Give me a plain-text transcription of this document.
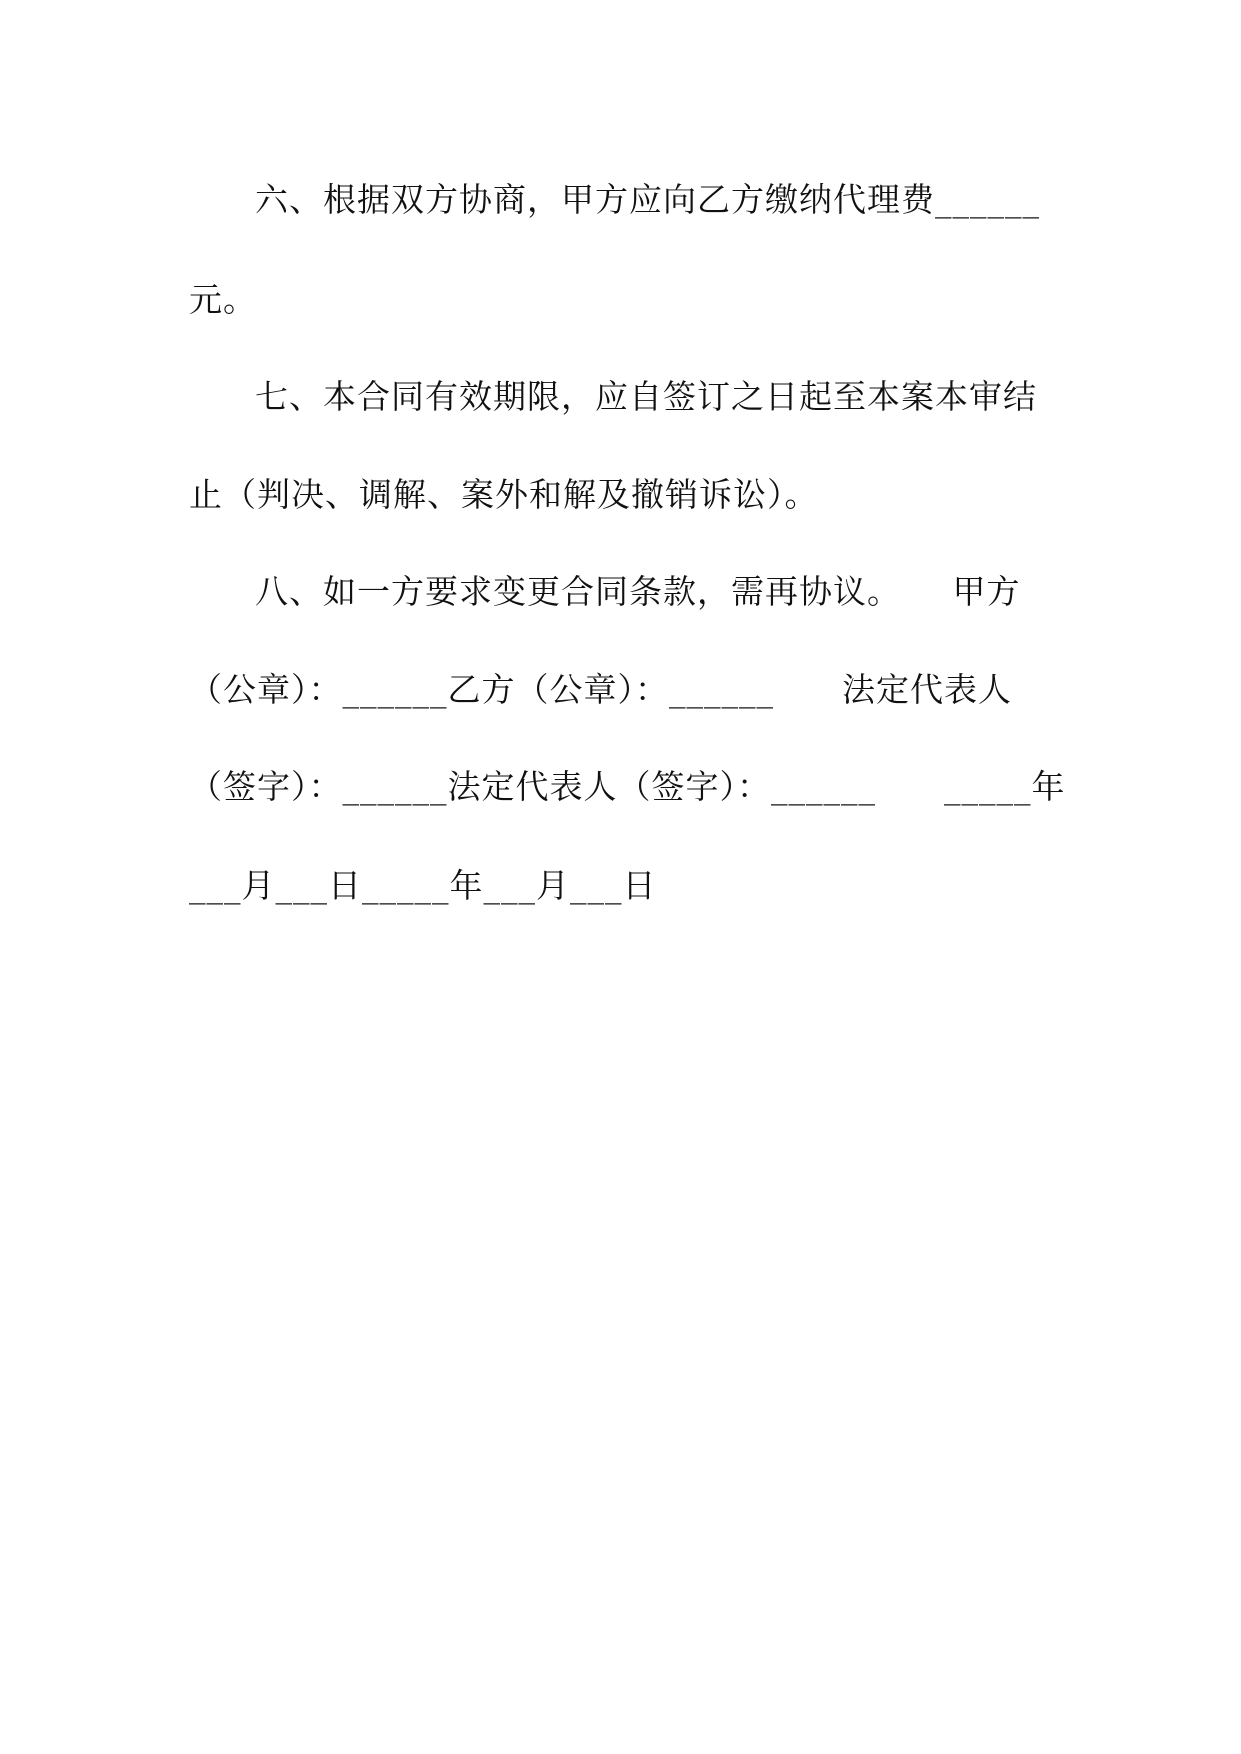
六、根据双方协商，甲方应向乙方缴纳代理费______
元。
七、本合同有效期限，应自签订之日起至本案本审结
止（判决、调解、案外和解及撤销诉讼）。
八、如一方要求变更合同条款，需再协议。　　甲方
（公章）：______乙方（公章）：______　　法定代表人
（签字）：______法定代表人（签字）：______　　_____年
___月___日_____年___月___日
